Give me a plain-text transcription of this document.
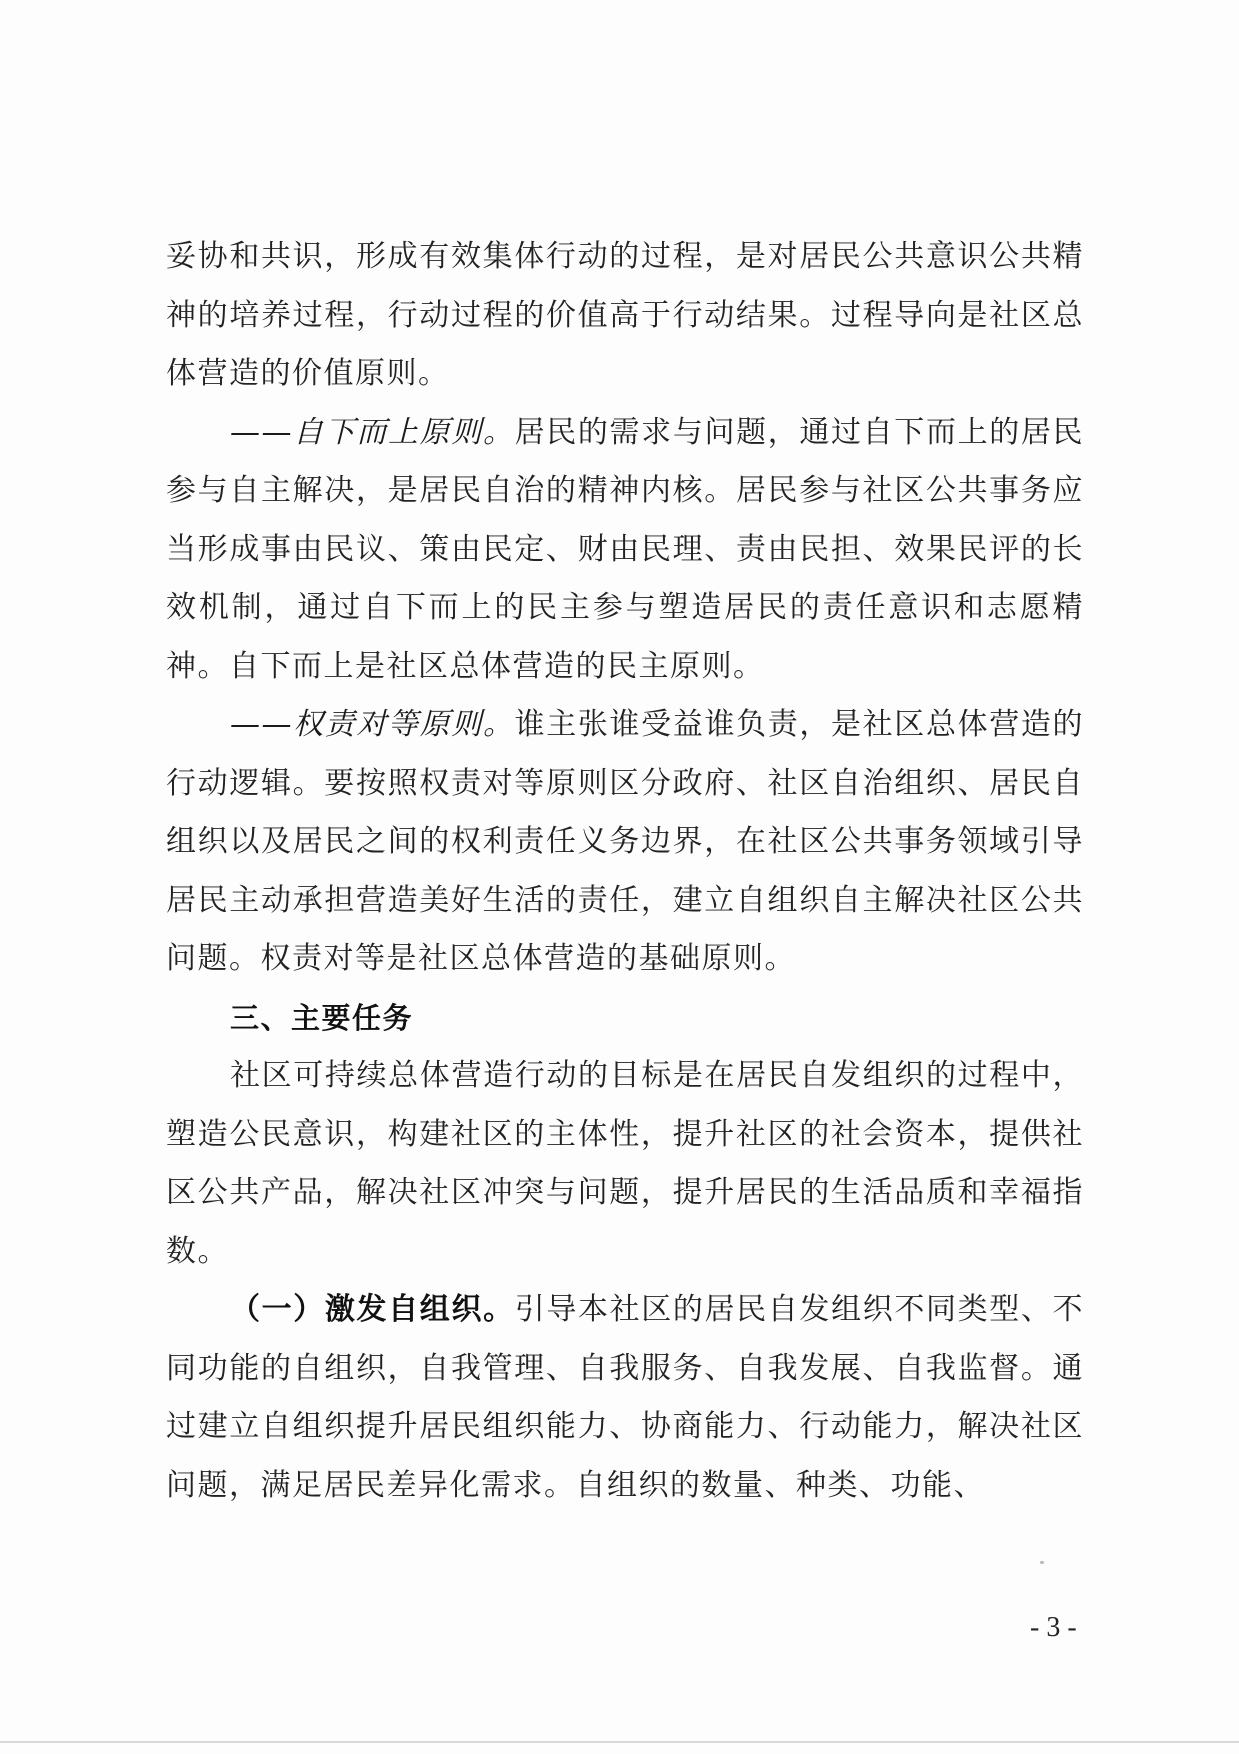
妥协和共识，形成有效集体行动的过程，是对居民公共意识公共精神的培养过程，行动过程的价值高于行动结果。过程导向是社区总体营造的价值原则。

——自下而上原则。居民的需求与问题，通过自下而上的居民参与自主解决，是居民自治的精神内核。居民参与社区公共事务应当形成事由民议、策由民定、财由民理、责由民担、效果民评的长效机制，通过自下而上的民主参与塑造居民的责任意识和志愿精神。自下而上是社区总体营造的民主原则。

——权责对等原则。谁主张谁受益谁负责，是社区总体营造的行动逻辑。要按照权责对等原则区分政府、社区自治组织、居民自组织以及居民之间的权利责任义务边界，在社区公共事务领域引导居民主动承担营造美好生活的责任，建立自组织自主解决社区公共问题。权责对等是社区总体营造的基础原则。

三、主要任务

社区可持续总体营造行动的目标是在居民自发组织的过程中，塑造公民意识，构建社区的主体性，提升社区的社会资本，提供社区公共产品，解决社区冲突与问题，提升居民的生活品质和幸福指数。

（一）激发自组织。引导本社区的居民自发组织不同类型、不同功能的自组织，自我管理、自我服务、自我发展、自我监督。通过建立自组织提升居民组织能力、协商能力、行动能力，解决社区问题，满足居民差异化需求。自组织的数量、种类、功能、

- 3 -
